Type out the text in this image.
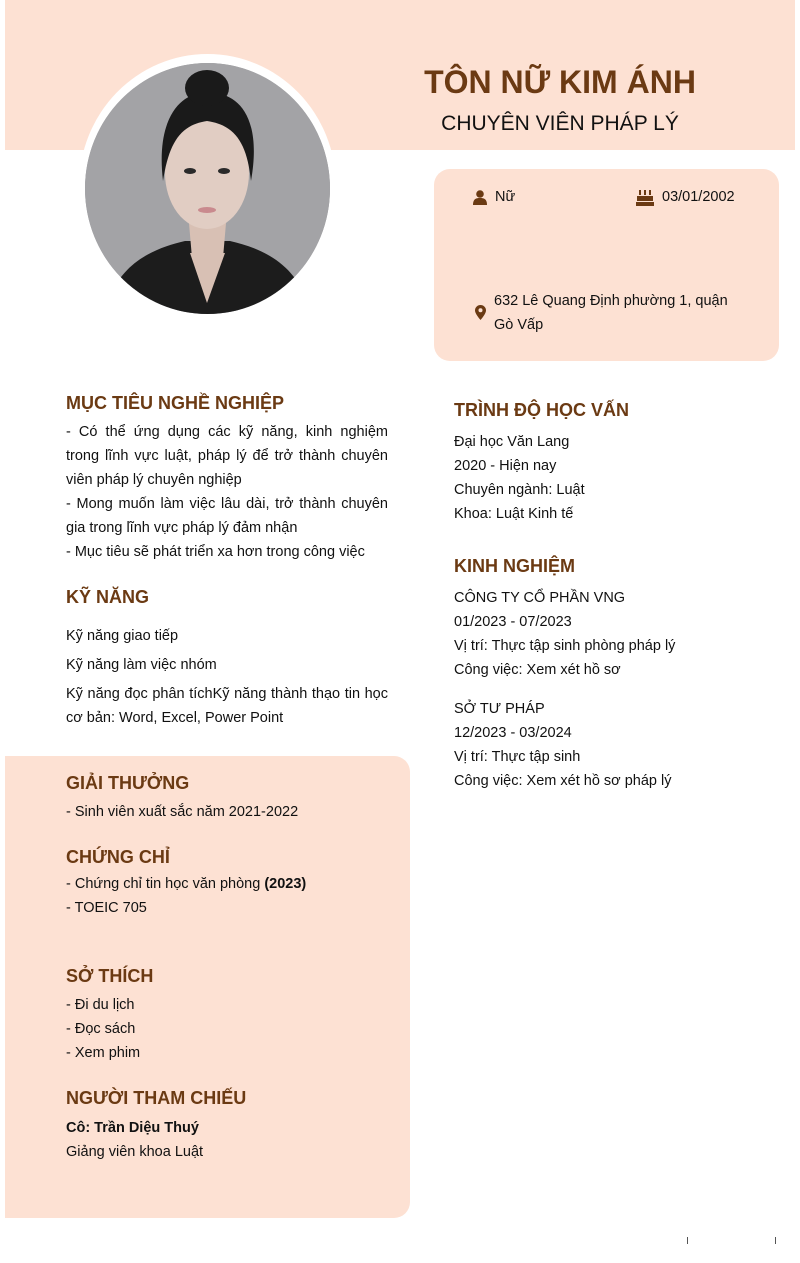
TÔN NỮ KIM ÁNH
CHUYÊN VIÊN PHÁP LÝ
Nữ	03/01/2002
632 Lê Quang Định phường 1, quận Gò Vấp
MỤC TIÊU NGHỀ NGHIỆP

- Có thể ứng dụng các kỹ năng, kinh nghiệm trong lĩnh vực luật, pháp lý để trở thành chuyên viên pháp lý chuyên nghiệp

- Mong muốn làm việc lâu dài, trở thành chuyên gia trong lĩnh vực pháp lý đảm nhận

- Mục tiêu sẽ phát triển xa hơn trong công việc

KỸ NĂNG

Kỹ năng giao tiếp

Kỹ năng làm việc nhóm

Kỹ năng đọc phân tíchKỹ năng thành thạo tin học cơ bản: Word, Excel, Power Point

GIẢI THƯỞNG

- Sinh viên xuất sắc năm 2021-2022

CHỨNG CHỈ

- Chứng chỉ tin học văn phòng (2023)

- TOEIC 705

SỞ THÍCH

- Đi du lịch

- Đọc sách

- Xem phim

NGƯỜI THAM CHIẾU

Cô: Trần Diệu Thuý

Giảng viên khoa Luật

TRÌNH ĐỘ HỌC VẤN

Đại học Văn Lang

2020 - Hiện nay

Chuyên ngành: Luật

Khoa: Luật Kinh tế

KINH NGHIỆM

CÔNG TY CỔ PHẦN VNG

01/2023 - 07/2023

Vị trí: Thực tập sinh phòng pháp lý

Công việc: Xem xét hồ sơ

SỞ TƯ PHÁP

12/2023 - 03/2024

Vị trí: Thực tập sinh

Công việc: Xem xét hồ sơ pháp lý
